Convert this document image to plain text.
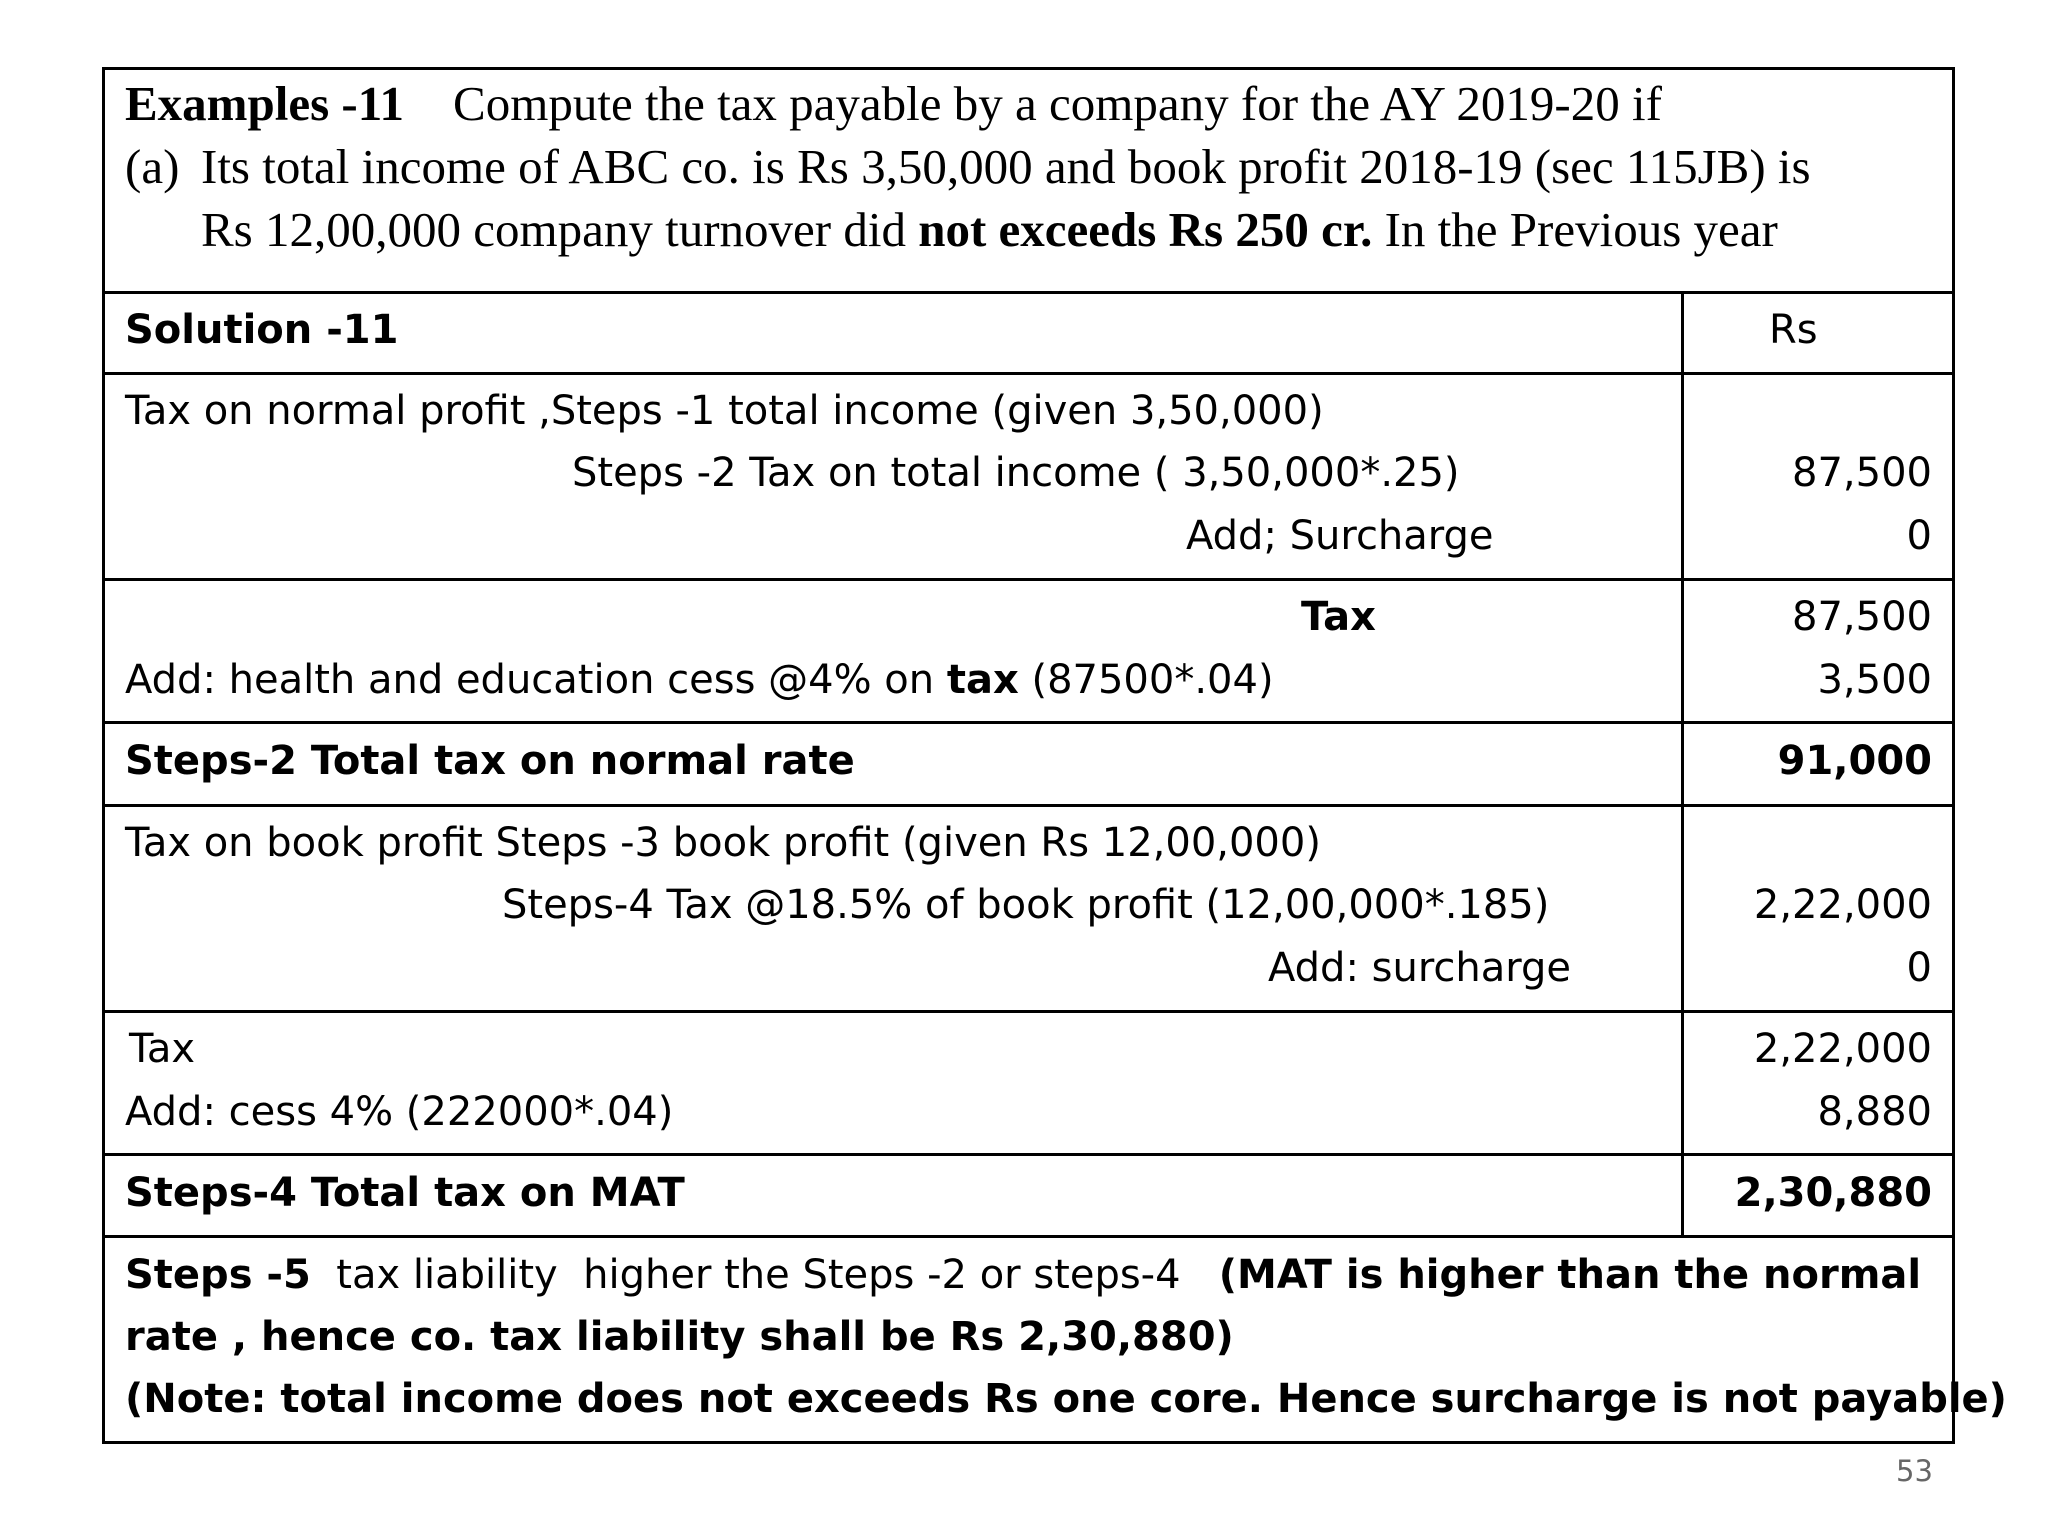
Examples -11 Compute the tax payable by a company for the AY 2019-20 if
(a) Its total income of ABC co. is Rs 3,50,000 and book profit 2018-19 (sec 115JB) is
Rs 12,00,000 company turnover did not exceeds Rs 250 cr. In the Previous year
Solution -11	Rs
Tax on normal profit ,Steps -1 total income (given 3,50,000)
Steps -2 Tax on total income ( 3,50,000*.25)	87,500
Add; Surcharge	0
Tax	87,500
Add: health and education cess @4% on tax (87500*.04)	3,500
Steps-2 Total tax on normal rate	91,000
Tax on book profit Steps -3 book profit (given Rs 12,00,000)
Steps-4 Tax @18.5% of book profit (12,00,000*.185)	2,22,000
Add: surcharge	0
Tax	2,22,000
Add: cess 4% (222000*.04)	8,880
Steps-4 Total tax on MAT	2,30,880
Steps -5  tax liability  higher the Steps -2 or steps-4   (MAT is higher than the normal
rate , hence co. tax liability shall be Rs 2,30,880)
(Note: total income does not exceeds Rs one core. Hence surcharge is not payable)
53
